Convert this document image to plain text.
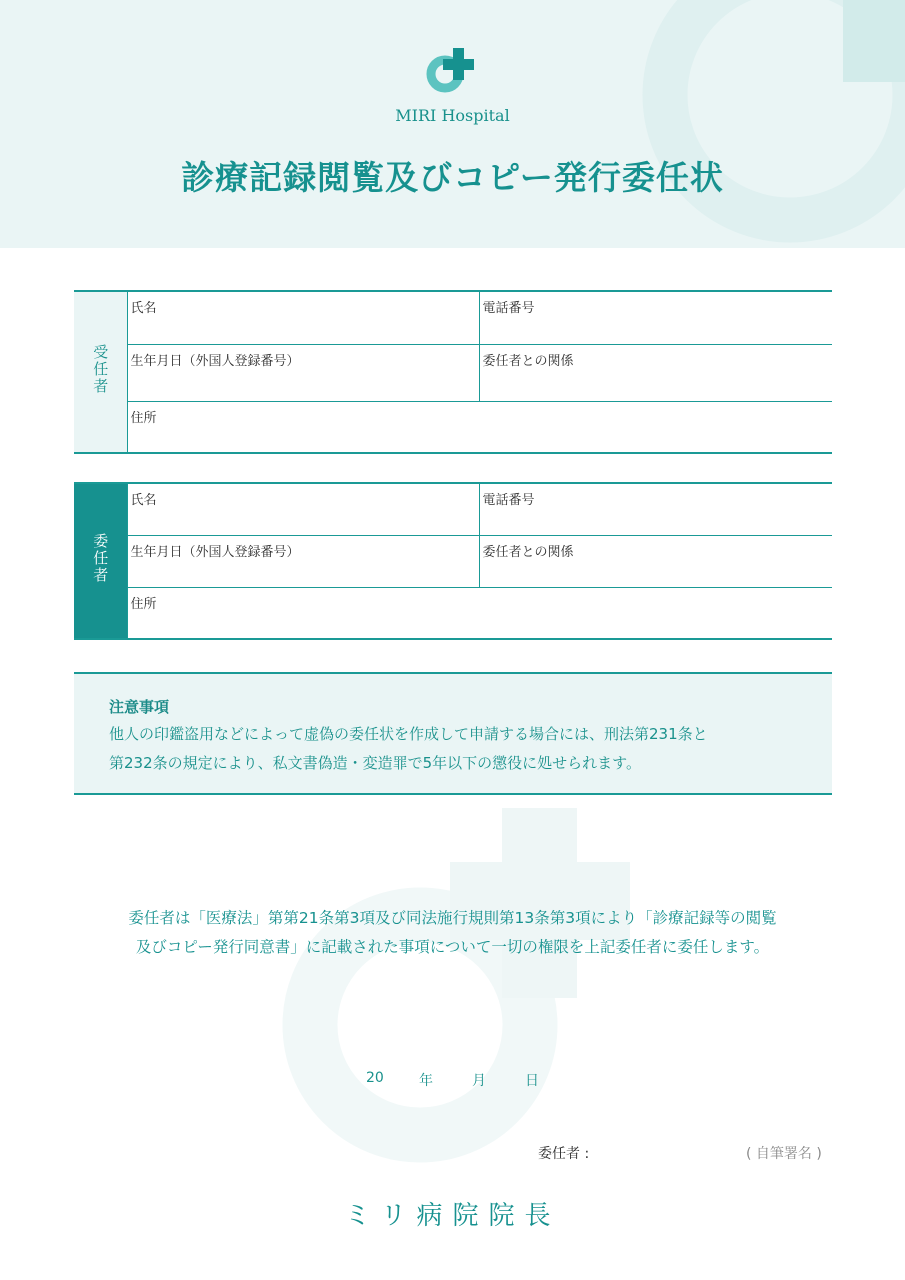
MIRI Hospital
診療記録閲覧及びコピー発行委任状
受任者	氏名	電話番号
	生年月日（外国人登録番号）	委任者との関係
	住所	
委任者	氏名	電話番号
	生年月日（外国人登録番号）	委任者との関係
	住所	
注意事項
他人の印鑑盗用などによって虚偽の委任状を作成して申請する場合には、刑法第231条と
第232条の規定により、私文書偽造・変造罪で5年以下の懲役に処せられます。
委任者は「医療法」第第21条第3項及び同法施行規則第13条第3項により「診療記録等の閲覧
及びコピー発行同意書」に記載された事項について一切の権限を上記委任者に委任します。
20	年	月	日
委任者 :	( 自筆署名 )
ミリ病院院長
